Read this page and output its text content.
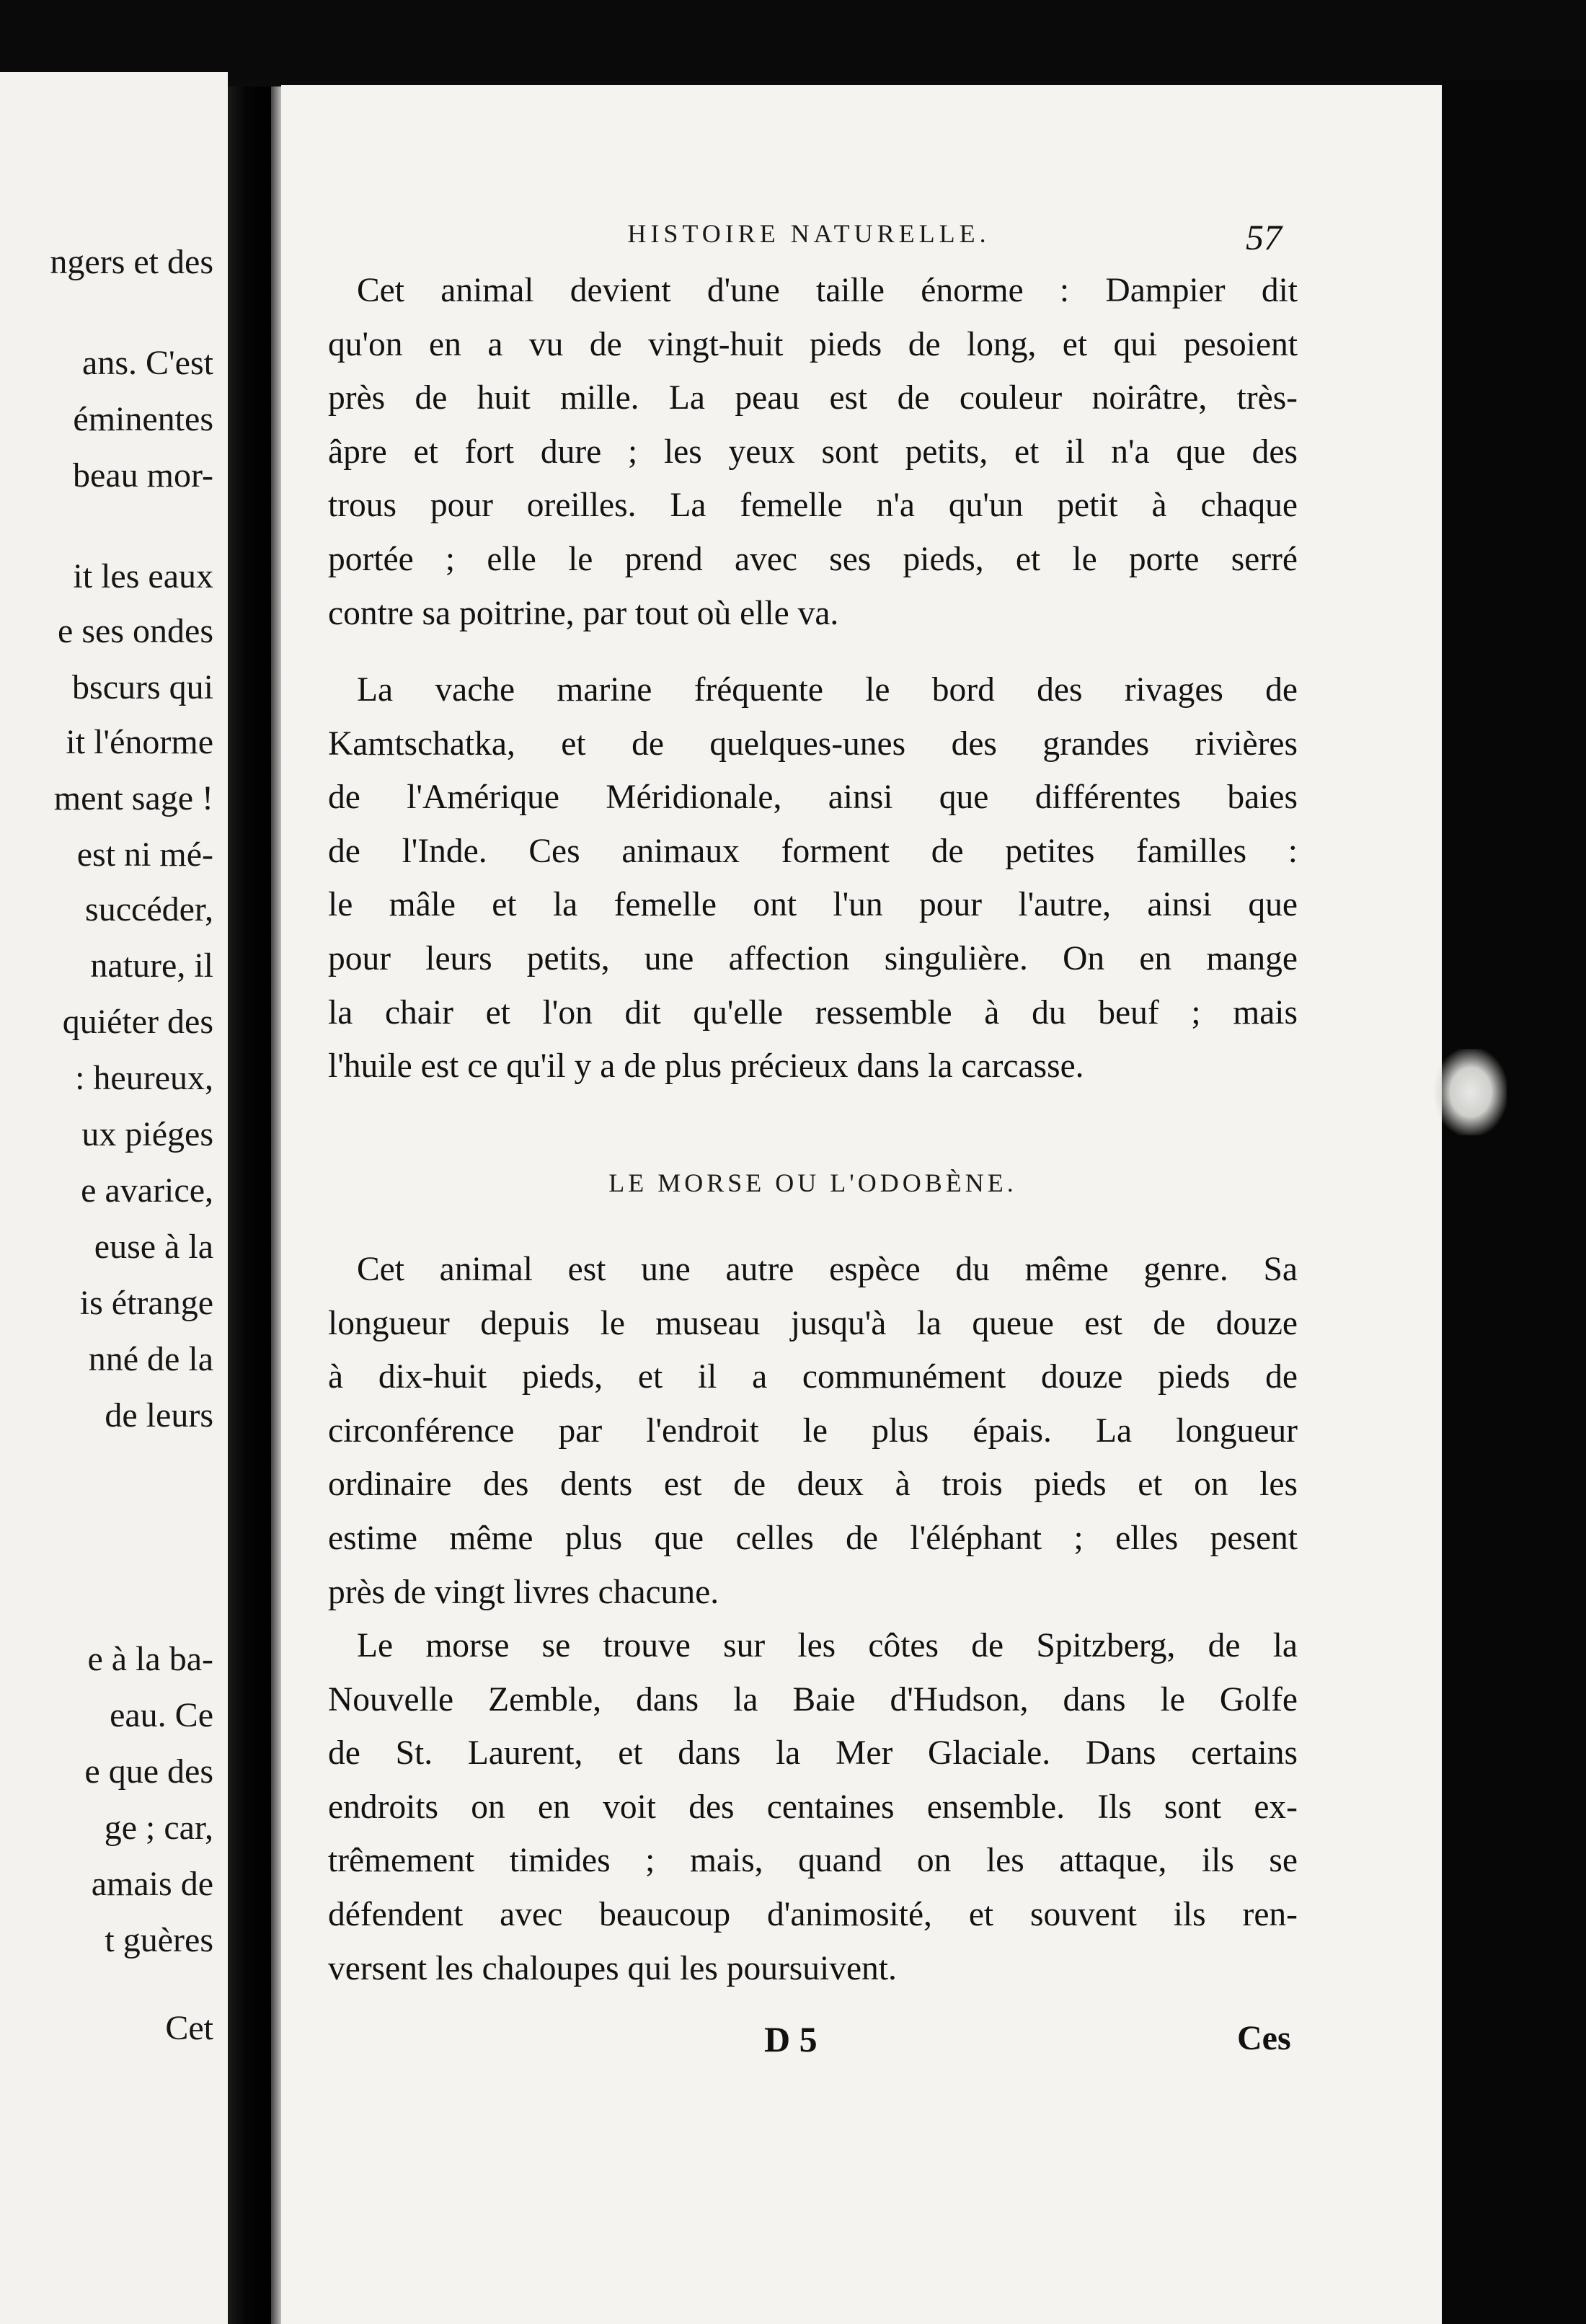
ngers et des
ans. C'est
éminentes
beau mor-
it les eaux
e ses ondes
bscurs qui
it l'énorme
ment sage !
est ni mé-
succéder,
nature, il
quiéter des
: heureux,
ux piéges
e avarice,
euse à la
is étrange
nné de la
de leurs
e à la ba-
eau. Ce
e que des
ge ; car,
amais de
t guères
Cet
HISTOIRE NATURELLE.	57
Cet animal devient d'une taille énorme : Dampier dit
qu'on en a vu de vingt-huit pieds de long, et qui pesoient
près de huit mille. La peau est de couleur noirâtre, très-
âpre et fort dure ; les yeux sont petits, et il n'a que des
trous pour oreilles. La femelle n'a qu'un petit à chaque
portée ; elle le prend avec ses pieds, et le porte serré
contre sa poitrine, par tout où elle va.
La vache marine fréquente le bord des rivages de
Kamtschatka, et de quelques-unes des grandes rivières
de l'Amérique Méridionale, ainsi que différentes baies
de l'Inde. Ces animaux forment de petites familles :
le mâle et la femelle ont l'un pour l'autre, ainsi que
pour leurs petits, une affection singulière. On en mange
la chair et l'on dit qu'elle ressemble à du beuf ; mais
l'huile est ce qu'il y a de plus précieux dans la carcasse.
LE MORSE OU L'ODOBÈNE.
Cet animal est une autre espèce du même genre. Sa
longueur depuis le museau jusqu'à la queue est de douze
à dix-huit pieds, et il a communément douze pieds de
circonférence par l'endroit le plus épais. La longueur
ordinaire des dents est de deux à trois pieds et on les
estime même plus que celles de l'éléphant ; elles pesent
près de vingt livres chacune.
Le morse se trouve sur les côtes de Spitzberg, de la
Nouvelle Zemble, dans la Baie d'Hudson, dans le Golfe
de St. Laurent, et dans la Mer Glaciale. Dans certains
endroits on en voit des centaines ensemble. Ils sont ex-
trêmement timides ; mais, quand on les attaque, ils se
défendent avec beaucoup d'animosité, et souvent ils ren-
versent les chaloupes qui les poursuivent.
D 5	Ces
